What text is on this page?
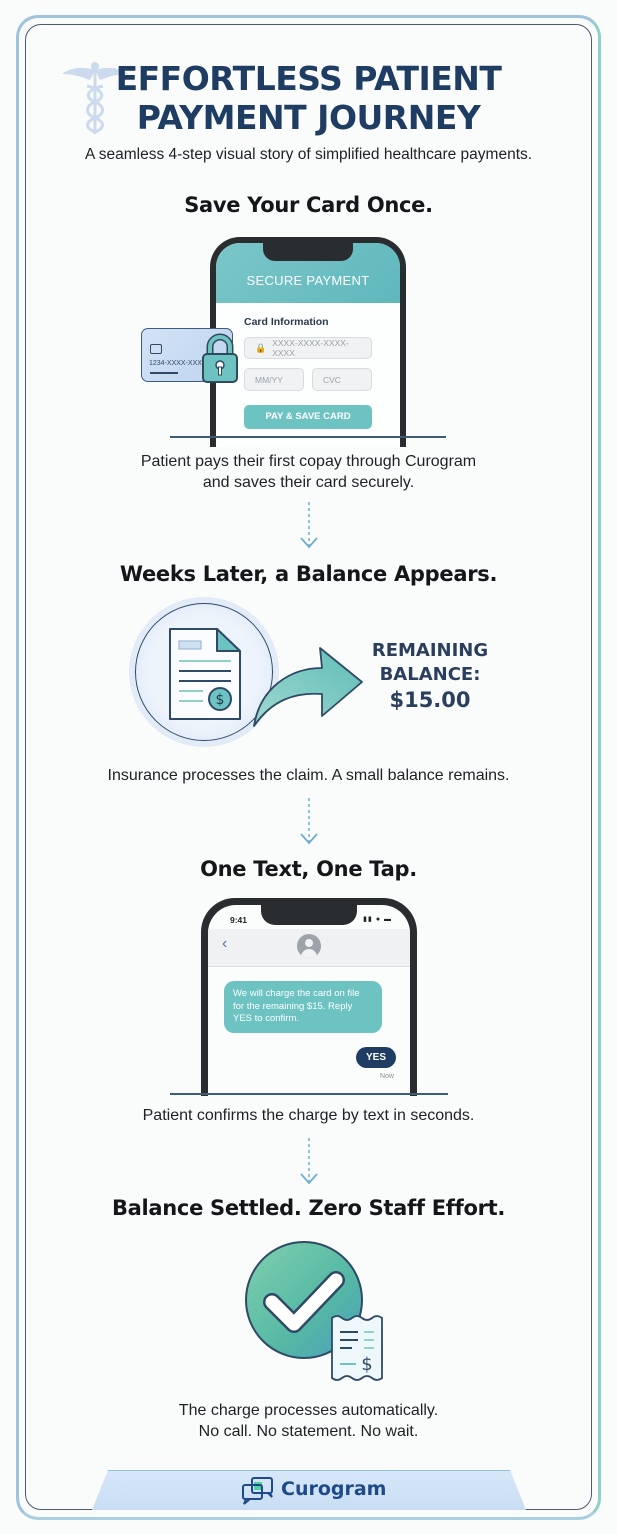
EFFORTLESS PATIENT
PAYMENT JOURNEY
A seamless 4-step visual story of simplified healthcare payments.
Save Your Card Once.
SECURE PAYMENT
Card Information
🔒 XXXX-XXXX-XXXX-XXXX
MM/YY	CVC
PAY & SAVE CARD
1234-XXXX-XXX
Patient pays their first copay through Curogram
and saves their card securely.
Weeks Later, a Balance Appears.
$
REMAINING
BALANCE:
$15.00
Insurance processes the claim. A small balance remains.
One Text, One Tap.
9:41	▮▮ ● ▬
‹
We will charge the card on file for the remaining $15. Reply YES to confirm.
YES
Now
Patient confirms the charge by text in seconds.
Balance Settled. Zero Staff Effort.
$
The charge processes automatically.
No call. No statement. No wait.
Curogram
